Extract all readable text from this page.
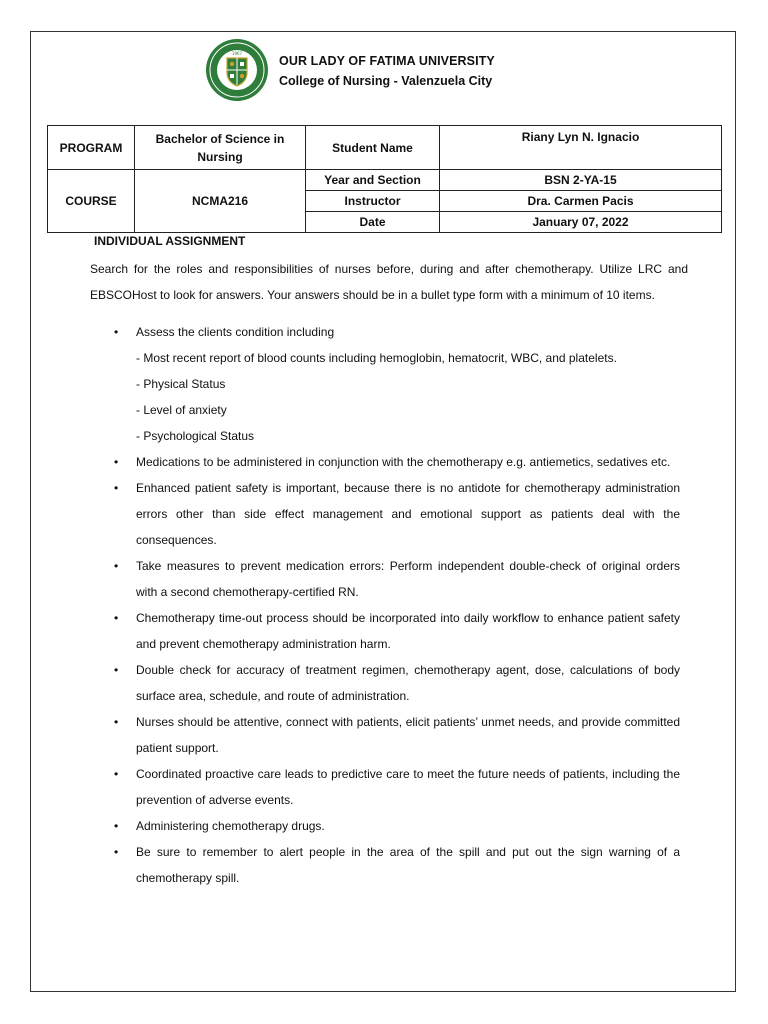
1967
OUR LADY OF FATIMA UNIVERSITY
College of Nursing - Valenzuela City
PROGRAM	Bachelor of Science in Nursing	Student Name	Riany Lyn N. Ignacio
COURSE	NCMA216	Year and Section	BSN 2-YA-15
		Instructor	Dra. Carmen Pacis
		Date	January 07, 2022
INDIVIDUAL ASSIGNMENT
Search for the roles and responsibilities of nurses before, during and after chemotherapy. Utilize LRC and EBSCOHost to look for answers. Your answers should be in a bullet type form with a minimum of 10 items.
• Assess the clients condition including
- Most recent report of blood counts including hemoglobin, hematocrit, WBC, and platelets.
- Physical Status
- Level of anxiety
- Psychological Status
• Medications to be administered in conjunction with the chemotherapy e.g. antiemetics, sedatives etc.
• Enhanced patient safety is important, because there is no antidote for chemotherapy administration errors other than side effect management and emotional support as patients deal with the consequences.
• Take measures to prevent medication errors: Perform independent double-check of original orders with a second chemotherapy-certified RN.
• Chemotherapy time-out process should be incorporated into daily workflow to enhance patient safety and prevent chemotherapy administration harm.
• Double check for accuracy of treatment regimen, chemotherapy agent, dose, calculations of body surface area, schedule, and route of administration.
• Nurses should be attentive, connect with patients, elicit patients’ unmet needs, and provide committed patient support.
• Coordinated proactive care leads to predictive care to meet the future needs of patients, including the prevention of adverse events.
• Administering chemotherapy drugs.
• Be sure to remember to alert people in the area of the spill and put out the sign warning of a chemotherapy spill.
